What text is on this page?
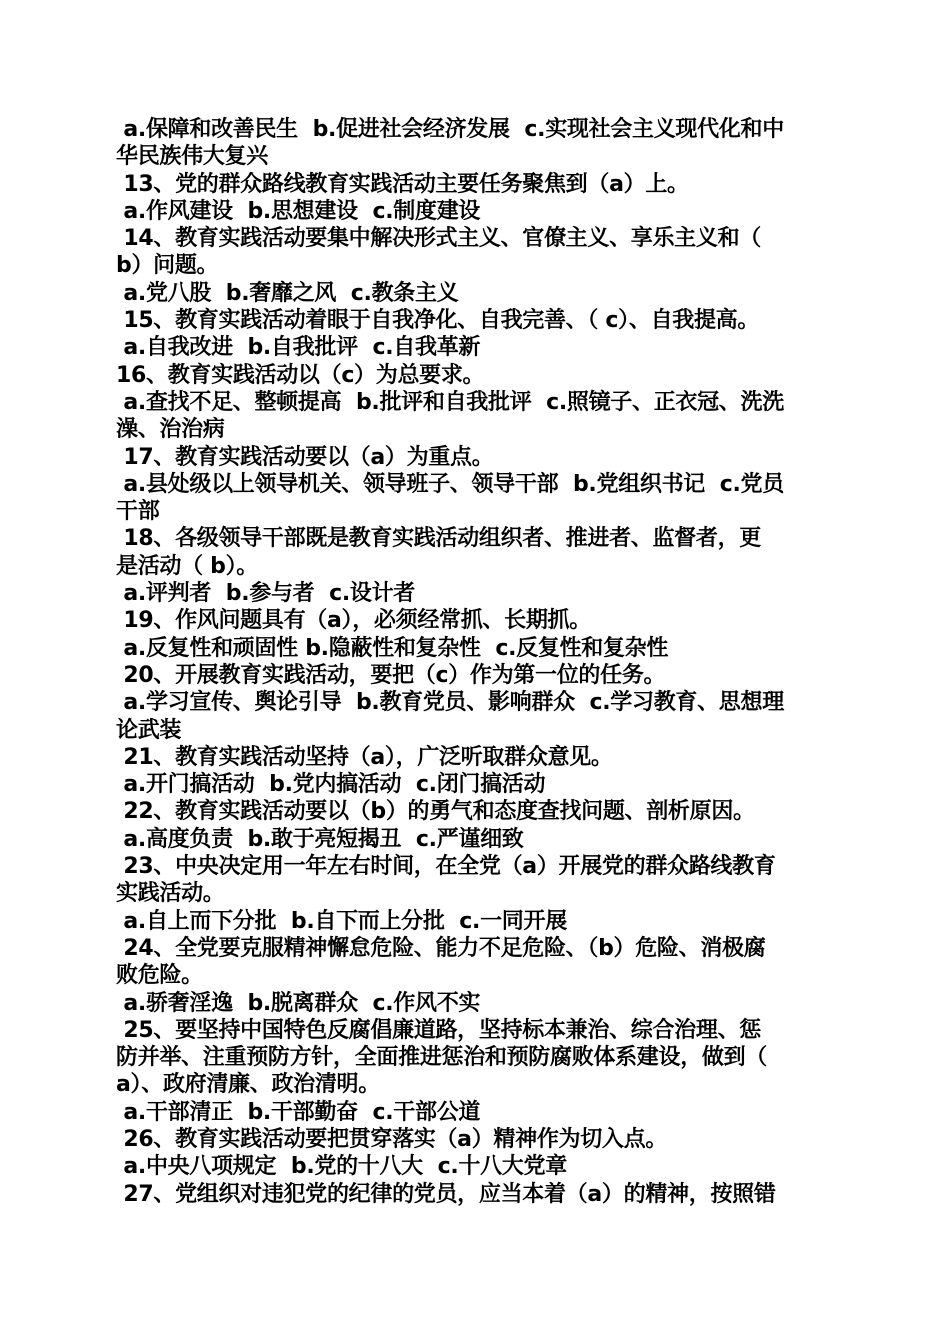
a.保障和改善民生  b.促进社会经济发展  c.实现社会主义现代化和中

华民族伟大复兴

13、党的群众路线教育实践活动主要任务聚焦到（a）上。

a.作风建设  b.思想建设  c.制度建设

14、教育实践活动要集中解决形式主义、官僚主义、享乐主义和（

b）问题。

a.党八股  b.奢靡之风  c.教条主义

15、教育实践活动着眼于自我净化、自我完善、（ c）、自我提高。

a.自我改进  b.自我批评  c.自我革新

16、教育实践活动以（c）为总要求。

a.查找不足、整顿提高  b.批评和自我批评  c.照镜子、正衣冠、洗洗

澡、治治病

17、教育实践活动要以（a）为重点。

a.县处级以上领导机关、领导班子、领导干部  b.党组织书记  c.党员

干部

18、各级领导干部既是教育实践活动组织者、推进者、监督者，更

是活动（ b）。

a.评判者  b.参与者  c.设计者

19、作风问题具有（a），必须经常抓、长期抓。

a.反复性和顽固性 b.隐蔽性和复杂性  c.反复性和复杂性

20、开展教育实践活动，要把（c）作为第一位的任务。

a.学习宣传、舆论引导  b.教育党员、影响群众  c.学习教育、思想理

论武装

21、教育实践活动坚持（a），广泛听取群众意见。

a.开门搞活动  b.党内搞活动  c.闭门搞活动

22、教育实践活动要以（b）的勇气和态度查找问题、剖析原因。

a.高度负责  b.敢于亮短揭丑  c.严谨细致

23、中央决定用一年左右时间，在全党（a）开展党的群众路线教育

实践活动。

a.自上而下分批  b.自下而上分批  c.一同开展

24、全党要克服精神懈怠危险、能力不足危险、（b）危险、消极腐

败危险。

a.骄奢淫逸  b.脱离群众  c.作风不实

25、要坚持中国特色反腐倡廉道路，坚持标本兼治、综合治理、惩

防并举、注重预防方针，全面推进惩治和预防腐败体系建设，做到（

a）、政府清廉、政治清明。

a.干部清正  b.干部勤奋  c.干部公道

26、教育实践活动要把贯穿落实（a）精神作为切入点。

a.中央八项规定  b.党的十八大  c.十八大党章

27、党组织对违犯党的纪律的党员，应当本着（a）的精神，按照错
